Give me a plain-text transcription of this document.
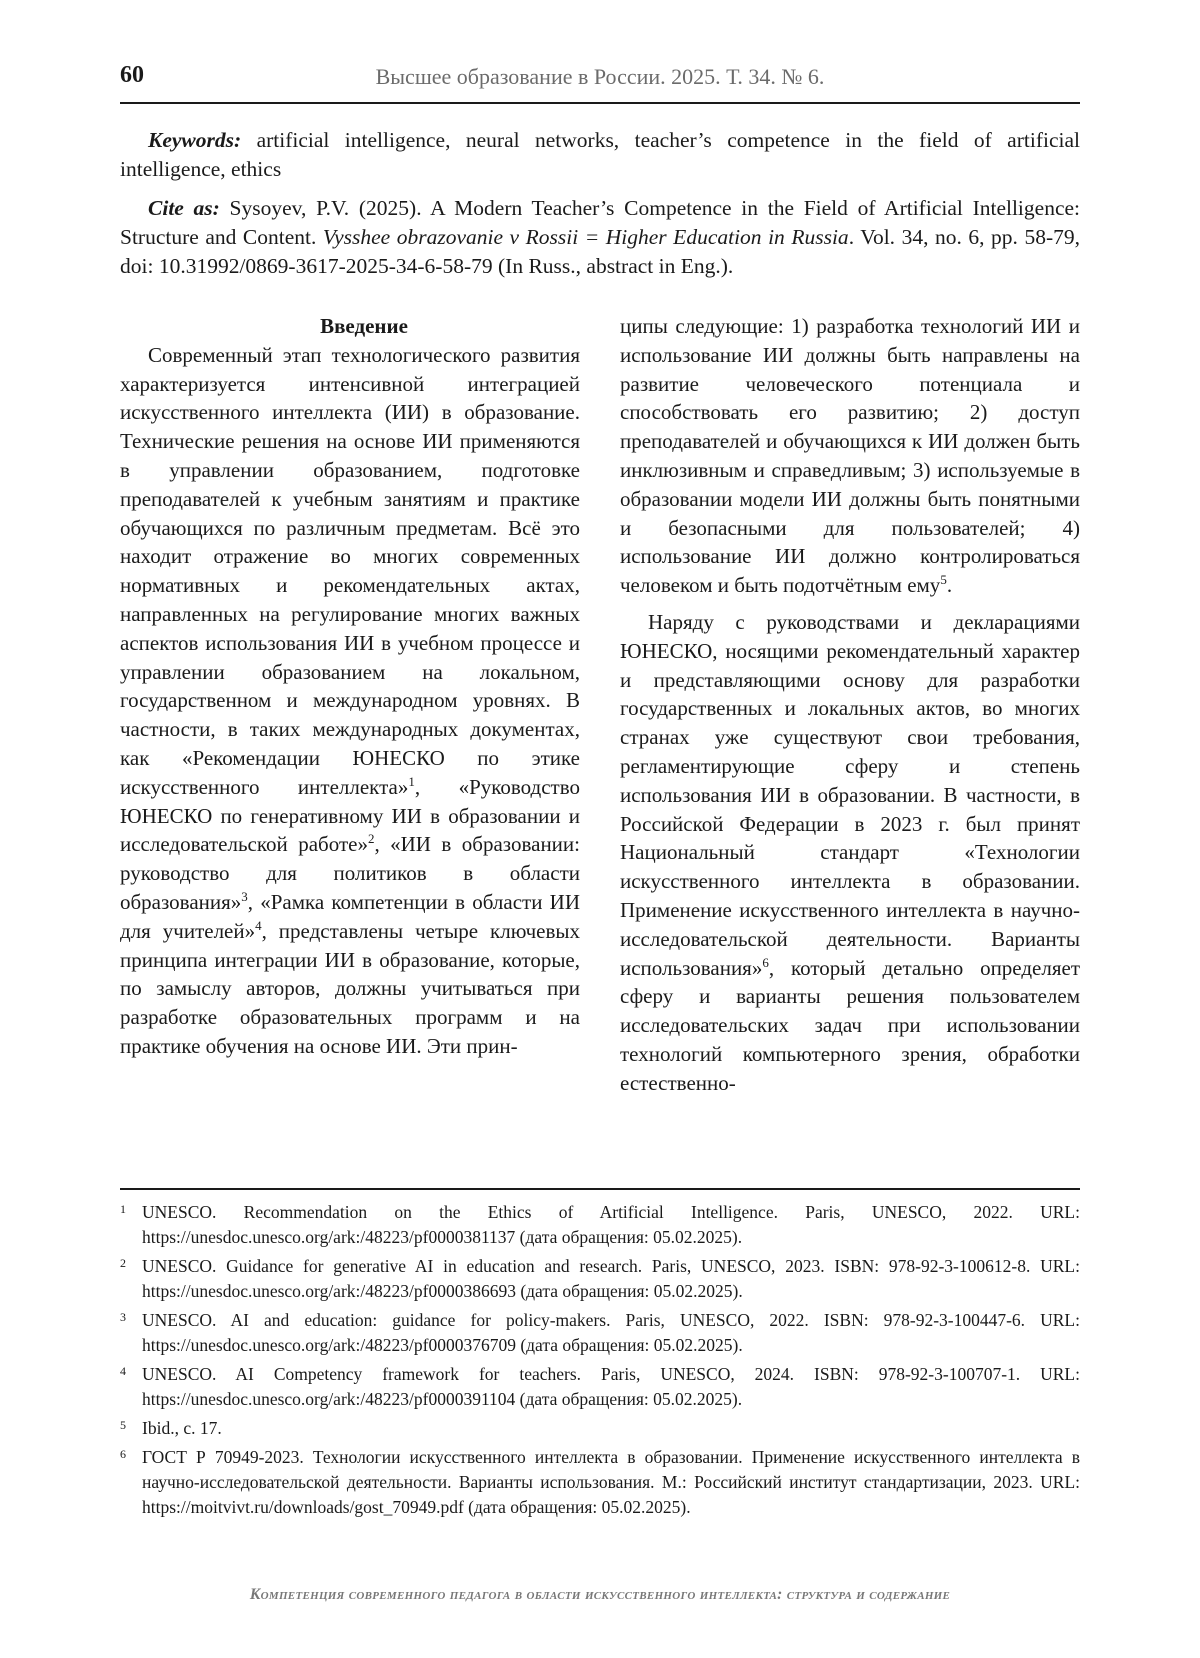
60	Высшее образование в России. 2025. Т. 34. № 6.

Keywords: artificial intelligence, neural networks, teacher’s competence in the field of artificial intelligence, ethics

Cite as: Sysoyev, P.V. (2025). A Modern Teacher’s Competence in the Field of Artificial Intelligence: Structure and Content. Vysshee obrazovanie v Rossii = Higher Education in Russia. Vol. 34, no. 6, pp. 58-79, doi: 10.31992/0869-3617-2025-34-6-58-79 (In Russ., abstract in Eng.).

Введение

Современный этап технологического развития характеризуется интенсивной интеграцией искусственного интеллекта (ИИ) в образование. Технические решения на основе ИИ применяются в управлении образованием, подготовке преподавателей к учебным занятиям и практике обучающихся по различным предметам. Всё это находит отражение во многих современных нормативных и рекомендательных актах, направленных на регулирование многих важных аспектов использования ИИ в учебном процессе и управлении образованием на локальном, государственном и международном уровнях. В частности, в таких международных документах, как «Рекомендации ЮНЕСКО по этике искусственного интеллекта»$^1$, «Руководство ЮНЕСКО по генеративному ИИ в образовании и исследовательской работе»$^2$, «ИИ в образовании: руководство для политиков в области образования»$^3$, «Рамка компетенции в области ИИ для учителей»$^4$, представлены четыре ключевых принципа интеграции ИИ в образование, которые, по замыслу авторов, должны учитываться при разработке образовательных программ и на практике обучения на основе ИИ. Эти прин-

ципы следующие: 1) разработка технологий ИИ и использование ИИ должны быть направлены на развитие человеческого потенциала и способствовать его развитию; 2) доступ преподавателей и обучающихся к ИИ должен быть инклюзивным и справедливым; 3) используемые в образовании модели ИИ должны быть понятными и безопасными для пользователей; 4) использование ИИ должно контролироваться человеком и быть подотчётным ему$^5$.

Наряду с руководствами и декларациями ЮНЕСКО, носящими рекомендательный характер и представляющими основу для разработки государственных и локальных актов, во многих странах уже существуют свои требования, регламентирующие сферу и степень использования ИИ в образовании. В частности, в Российской Федерации в 2023 г. был принят Национальный стандарт «Технологии искусственного интеллекта в образовании. Применение искусственного интеллекта в научно-исследовательской деятельности. Варианты использования»$^6$, который детально определяет сферу и варианты решения пользователем исследовательских задач при использовании технологий компьютерного зрения, обработки естественно-

1 UNESCO. Recommendation on the Ethics of Artificial Intelligence. Paris, UNESCO, 2022. URL: https://unesdoc.unesco.org/ark:/48223/pf0000381137 (дата обращения: 05.02.2025).
2 UNESCO. Guidance for generative AI in education and research. Paris, UNESCO, 2023. ISBN: 978-92-3-100612-8. URL: https://unesdoc.unesco.org/ark:/48223/pf0000386693 (дата обращения: 05.02.2025).
3 UNESCO. AI and education: guidance for policy-makers. Paris, UNESCO, 2022. ISBN: 978-92-3-100447-6. URL: https://unesdoc.unesco.org/ark:/48223/pf0000376709 (дата обращения: 05.02.2025).
4 UNESCO. AI Competency framework for teachers. Paris, UNESCO, 2024. ISBN: 978-92-3-100707-1. URL: https://unesdoc.unesco.org/ark:/48223/pf0000391104 (дата обращения: 05.02.2025).
5 Ibid., c. 17.
6 ГОСТ Р 70949-2023. Технологии искусственного интеллекта в образовании. Применение искусственного интеллекта в научно-исследовательской деятельности. Варианты использования. М.: Российский институт стандартизации, 2023. URL: https://moitvivt.ru/downloads/gost_70949.pdf (дата обращения: 05.02.2025).
Компетенция современного педагога в области искусственного интеллекта: структура и содержание
